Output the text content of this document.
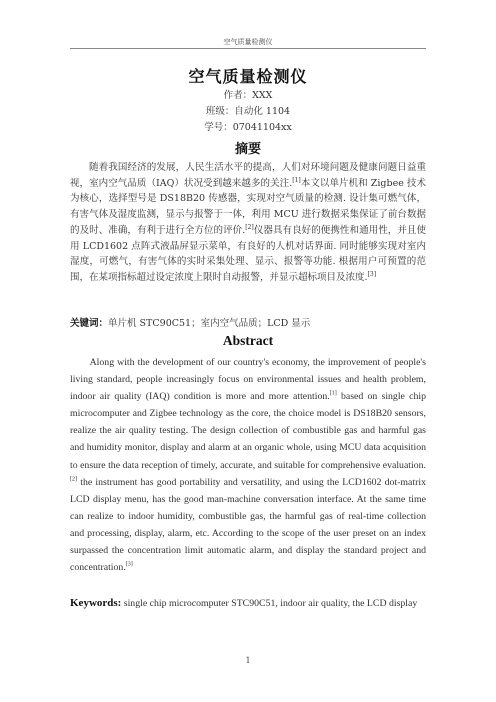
空气质量检测仪
空气质量检测仪
作者：XXX
班级：自动化 1104
学号：07041104xx
摘要

随着我国经济的发展，人民生活水平的提高，人们对环境问题及健康问题日益重视，室内空气品质（IAQ）状况受到越来越多的关注.[1]本文以单片机和 Zigbee 技术为核心，选择型号是 DS18B20 传感器，实现对空气质量的检测. 设计集可燃气体，有害气体及湿度监测，显示与报警于一体，利用 MCU 进行数据采集保证了前台数据的及时、准确，有利于进行全方位的评价.[2]仪器具有良好的便携性和通用性，并且使用 LCD1602 点阵式液晶屏显示菜单，有良好的人机对话界面. 同时能够实现对室内湿度，可燃气，有害气体的实时采集处理、显示、报警等功能. 根据用户可预置的范围，在某项指标超过设定浓度上限时自动报警，并显示超标项目及浓度.[3]

关键词：单片机 STC90C51；室内空气品质；LCD 显示

Abstract

Along with the development of our country's economy, the improvement of people's living standard, people increasingly focus on environmental issues and health problem, indoor air quality (IAQ) condition is more and more attention.[1] based on single chip microcomputer and Zigbee technology as the core, the choice model is DS18B20 sensors, realize the air quality testing. The design collection of combustible gas and harmful gas and humidity monitor, display and alarm at an organic whole, using MCU data acquisition to ensure the data reception of timely, accurate, and suitable for comprehensive evaluation.[2] the instrument has good portability and versatility, and using the LCD1602 dot-matrix LCD display menu, has the good man-machine conversation interface. At the same time can realize to indoor humidity, combustible gas, the harmful gas of real-time collection and processing, display, alarm, etc. According to the scope of the user preset on an index surpassed the concentration limit automatic alarm, and display the standard project and concentration.[3]

Keywords: single chip microcomputer STC90C51, indoor air quality, the LCD display

1
